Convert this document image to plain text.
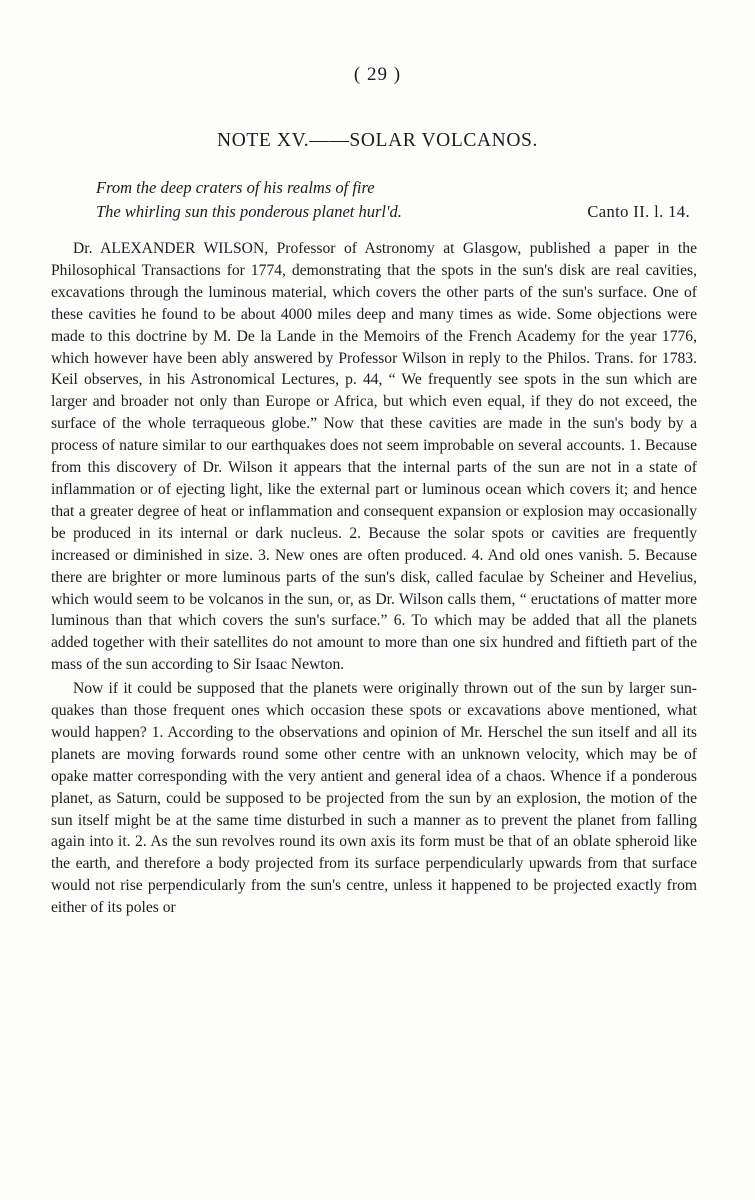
( 29 )
NOTE XV.——SOLAR VOLCANOS.
From the deep craters of his realms of fire
The whirling sun this ponderous planet hurl'd.	Canto II. l. 14.

Dr. ALEXANDER WILSON, Professor of Astronomy at Glasgow, published a paper in the Philosophical Transactions for 1774, demonstrating that the spots in the sun's disk are real cavities, excavations through the luminous material, which covers the other parts of the sun's surface. One of these cavities he found to be about 4000 miles deep and many times as wide. Some objections were made to this doctrine by M. De la Lande in the Memoirs of the French Academy for the year 1776, which however have been ably answered by Professor Wilson in reply to the Philos. Trans. for 1783. Keil observes, in his Astronomical Lectures, p. 44, “ We frequently see spots in the sun which are larger and broader not only than Europe or Africa, but which even equal, if they do not exceed, the surface of the whole terraqueous globe.” Now that these cavities are made in the sun's body by a process of nature similar to our earthquakes does not seem improbable on several accounts. 1. Because from this discovery of Dr. Wilson it appears that the internal parts of the sun are not in a state of inflammation or of ejecting light, like the external part or luminous ocean which covers it; and hence that a greater degree of heat or inflammation and consequent expansion or explosion may occasionally be produced in its internal or dark nucleus. 2. Because the solar spots or cavities are frequently increased or diminished in size. 3. New ones are often produced. 4. And old ones vanish. 5. Because there are brighter or more luminous parts of the sun's disk, called faculae by Scheiner and Hevelius, which would seem to be volcanos in the sun, or, as Dr. Wilson calls them, “ eructations of matter more luminous than that which covers the sun's surface.” 6. To which may be added that all the planets added together with their satellites do not amount to more than one six hundred and fiftieth part of the mass of the sun according to Sir Isaac Newton.

Now if it could be supposed that the planets were originally thrown out of the sun by larger sun-quakes than those frequent ones which occasion these spots or excavations above mentioned, what would happen? 1. According to the observations and opinion of Mr. Herschel the sun itself and all its planets are moving forwards round some other centre with an unknown velocity, which may be of opake matter corresponding with the very antient and general idea of a chaos. Whence if a ponderous planet, as Saturn, could be supposed to be projected from the sun by an explosion, the motion of the sun itself might be at the same time disturbed in such a manner as to prevent the planet from falling again into it. 2. As the sun revolves round its own axis its form must be that of an oblate spheroid like the earth, and therefore a body projected from its surface perpendicularly upwards from that surface would not rise perpendicularly from the sun's centre, unless it happened to be projected exactly from either of its poles or
